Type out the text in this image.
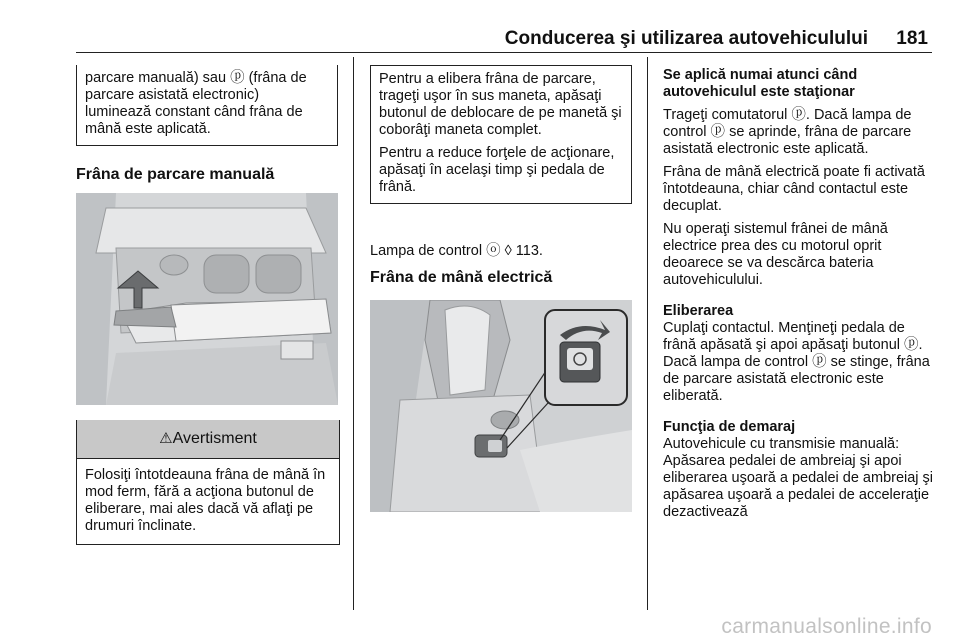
Conducerea şi utilizarea autovehiculului 181

parcare manuală) sau ⓟ (frâna de parcare asistată electronic) luminează constant când frâna de mână este aplicată.

Frâna de parcare manuală

⚠Avertisment
Folosiţi întotdeauna frâna de mână în mod ferm, fără a acţiona butonul de eliberare, mai ales dacă vă aflaţi pe drumuri înclinate.

Pentru a elibera frâna de parcare, trageţi uşor în sus maneta, apăsaţi butonul de deblocare de pe manetă şi coborâţi maneta complet.

Pentru a reduce forţele de acţionare, apăsaţi în acelaşi timp şi pedala de frână.

Lampa de control ⓞ ◊ 113.

Frâna de mână electrică

Se aplică numai atunci când autovehiculul este staţionar

Trageţi comutatorul ⓟ. Dacă lampa de control ⓟ se aprinde, frâna de parcare asistată electronic este aplicată.

Frâna de mână electrică poate fi activată întotdeauna, chiar când contactul este decuplat.

Nu operaţi sistemul frânei de mână electrice prea des cu motorul oprit deoarece se va descărca bateria autovehiculului.

Eliberarea

Cuplaţi contactul. Menţineţi pedala de frână apăsată şi apoi apăsaţi butonul ⓟ. Dacă lampa de control ⓟ se stinge, frâna de parcare asistată electronic este eliberată.

Funcţia de demaraj

Autovehicule cu transmisie manuală: Apăsarea pedalei de ambreiaj şi apoi eliberarea uşoară a pedalei de ambreiaj şi apăsarea uşoară a pedalei de acceleraţie dezactivează

carmanualsonline.info
